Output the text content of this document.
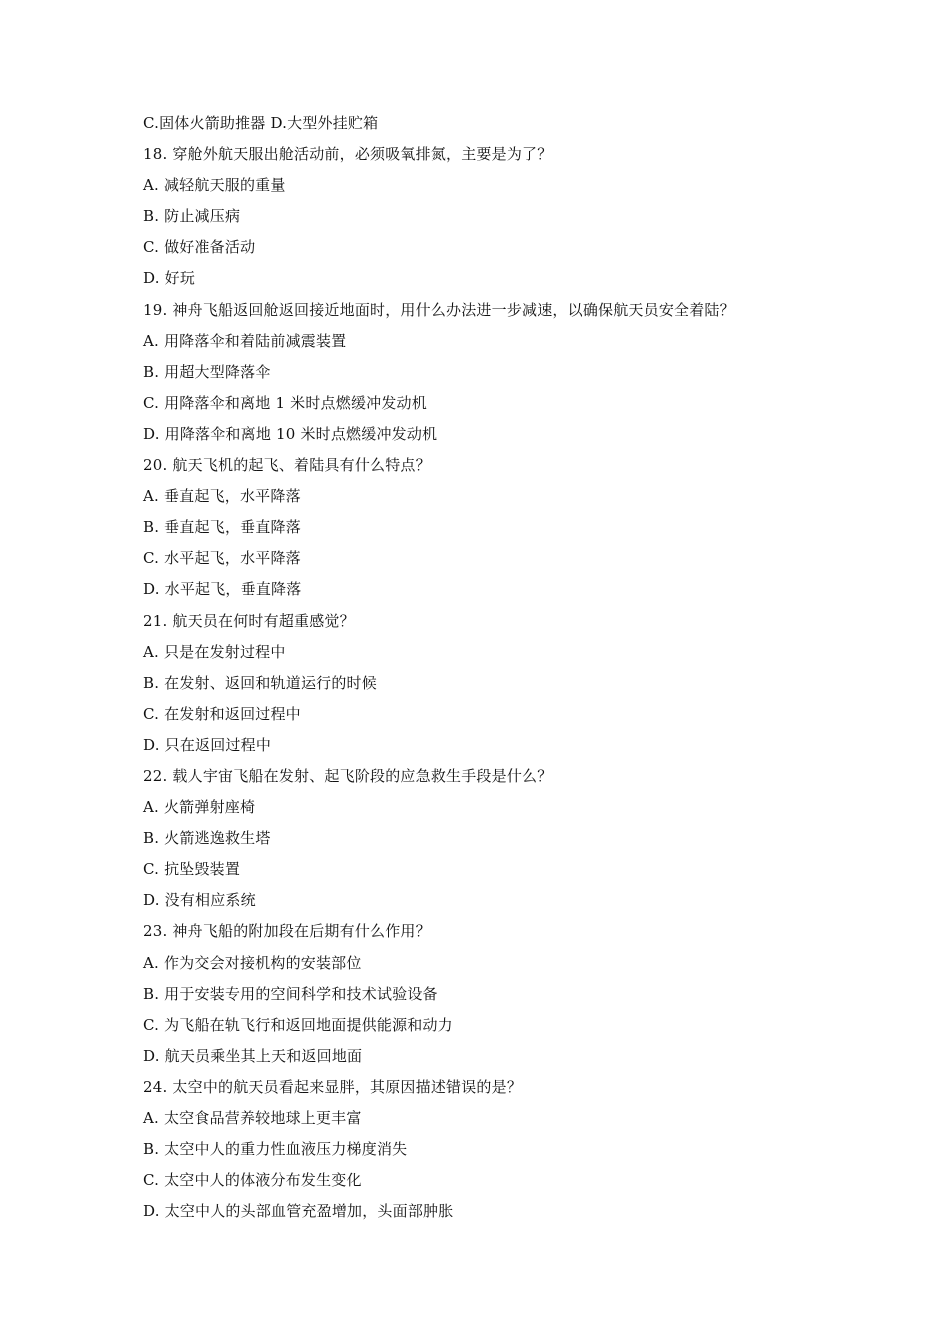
C.固体火箭助推器 D.大型外挂贮箱
18. 穿舱外航天服出舱活动前，必须吸氧排氮，主要是为了？
A. 减轻航天服的重量
B. 防止减压病
C. 做好准备活动
D. 好玩
19. 神舟飞船返回舱返回接近地面时，用什么办法进一步减速，以确保航天员安全着陆？
A. 用降落伞和着陆前减震装置
B. 用超大型降落伞
C. 用降落伞和离地 1 米时点燃缓冲发动机
D. 用降落伞和离地 10 米时点燃缓冲发动机
20. 航天飞机的起飞、着陆具有什么特点？
A. 垂直起飞，水平降落
B. 垂直起飞，垂直降落
C. 水平起飞，水平降落
D. 水平起飞，垂直降落
21. 航天员在何时有超重感觉？
A. 只是在发射过程中
B. 在发射、返回和轨道运行的时候
C. 在发射和返回过程中
D. 只在返回过程中
22. 载人宇宙飞船在发射、起飞阶段的应急救生手段是什么？
A. 火箭弹射座椅
B. 火箭逃逸救生塔
C. 抗坠毁装置
D. 没有相应系统
23. 神舟飞船的附加段在后期有什么作用？
A. 作为交会对接机构的安装部位
B. 用于安装专用的空间科学和技术试验设备
C. 为飞船在轨飞行和返回地面提供能源和动力
D. 航天员乘坐其上天和返回地面
24. 太空中的航天员看起来显胖，其原因描述错误的是？
A. 太空食品营养较地球上更丰富
B. 太空中人的重力性血液压力梯度消失
C. 太空中人的体液分布发生变化
D. 太空中人的头部血管充盈增加，头面部肿胀
